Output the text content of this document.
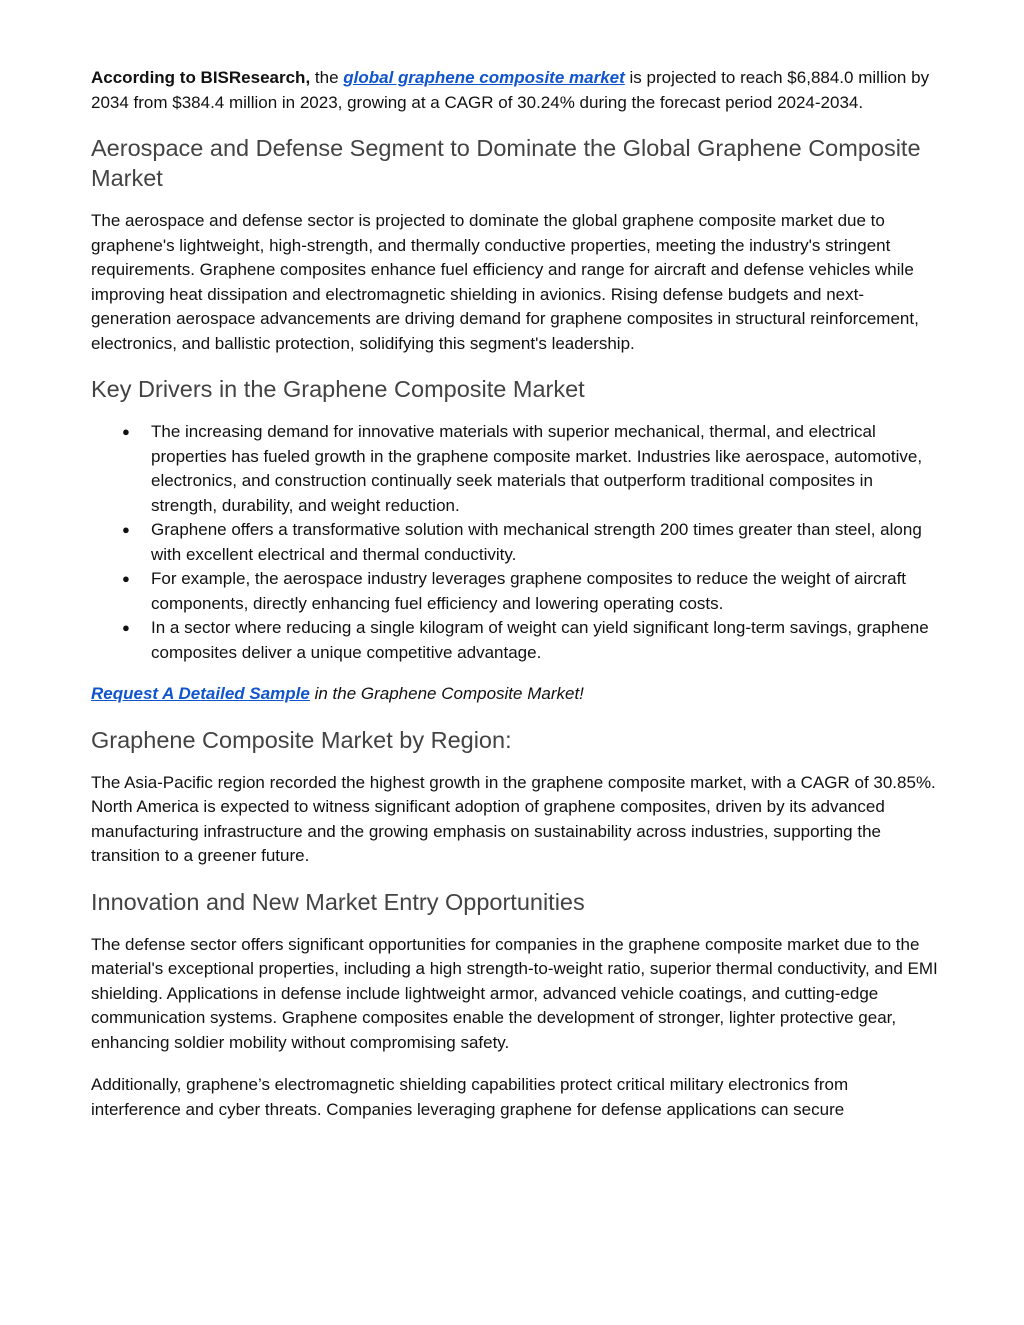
According to BISResearch, the global graphene composite market is projected to reach $6,884.0 million by 2034 from $384.4 million in 2023, growing at a CAGR of 30.24% during the forecast period 2024-2034.

Aerospace and Defense Segment to Dominate the Global Graphene Composite Market

The aerospace and defense sector is projected to dominate the global graphene composite market due to graphene's lightweight, high-strength, and thermally conductive properties, meeting the industry's stringent requirements. Graphene composites enhance fuel efficiency and range for aircraft and defense vehicles while improving heat dissipation and electromagnetic shielding in avionics. Rising defense budgets and next-generation aerospace advancements are driving demand for graphene composites in structural reinforcement, electronics, and ballistic protection, solidifying this segment's leadership.

Key Drivers in the Graphene Composite Market
● The increasing demand for innovative materials with superior mechanical, thermal, and electrical properties has fueled growth in the graphene composite market. Industries like aerospace, automotive, electronics, and construction continually seek materials that outperform traditional composites in strength, durability, and weight reduction.
● Graphene offers a transformative solution with mechanical strength 200 times greater than steel, along with excellent electrical and thermal conductivity.
● For example, the aerospace industry leverages graphene composites to reduce the weight of aircraft components, directly enhancing fuel efficiency and lowering operating costs.
● In a sector where reducing a single kilogram of weight can yield significant long-term savings, graphene composites deliver a unique competitive advantage.

Request A Detailed Sample in the Graphene Composite Market!

Graphene Composite Market by Region:

The Asia-Pacific region recorded the highest growth in the graphene composite market, with a CAGR of 30.85%. North America is expected to witness significant adoption of graphene composites, driven by its advanced manufacturing infrastructure and the growing emphasis on sustainability across industries, supporting the transition to a greener future.

Innovation and New Market Entry Opportunities

The defense sector offers significant opportunities for companies in the graphene composite market due to the material's exceptional properties, including a high strength-to-weight ratio, superior thermal conductivity, and EMI shielding. Applications in defense include lightweight armor, advanced vehicle coatings, and cutting-edge communication systems. Graphene composites enable the development of stronger, lighter protective gear, enhancing soldier mobility without compromising safety.

Additionally, graphene’s electromagnetic shielding capabilities protect critical military electronics from interference and cyber threats. Companies leveraging graphene for defense applications can secure
